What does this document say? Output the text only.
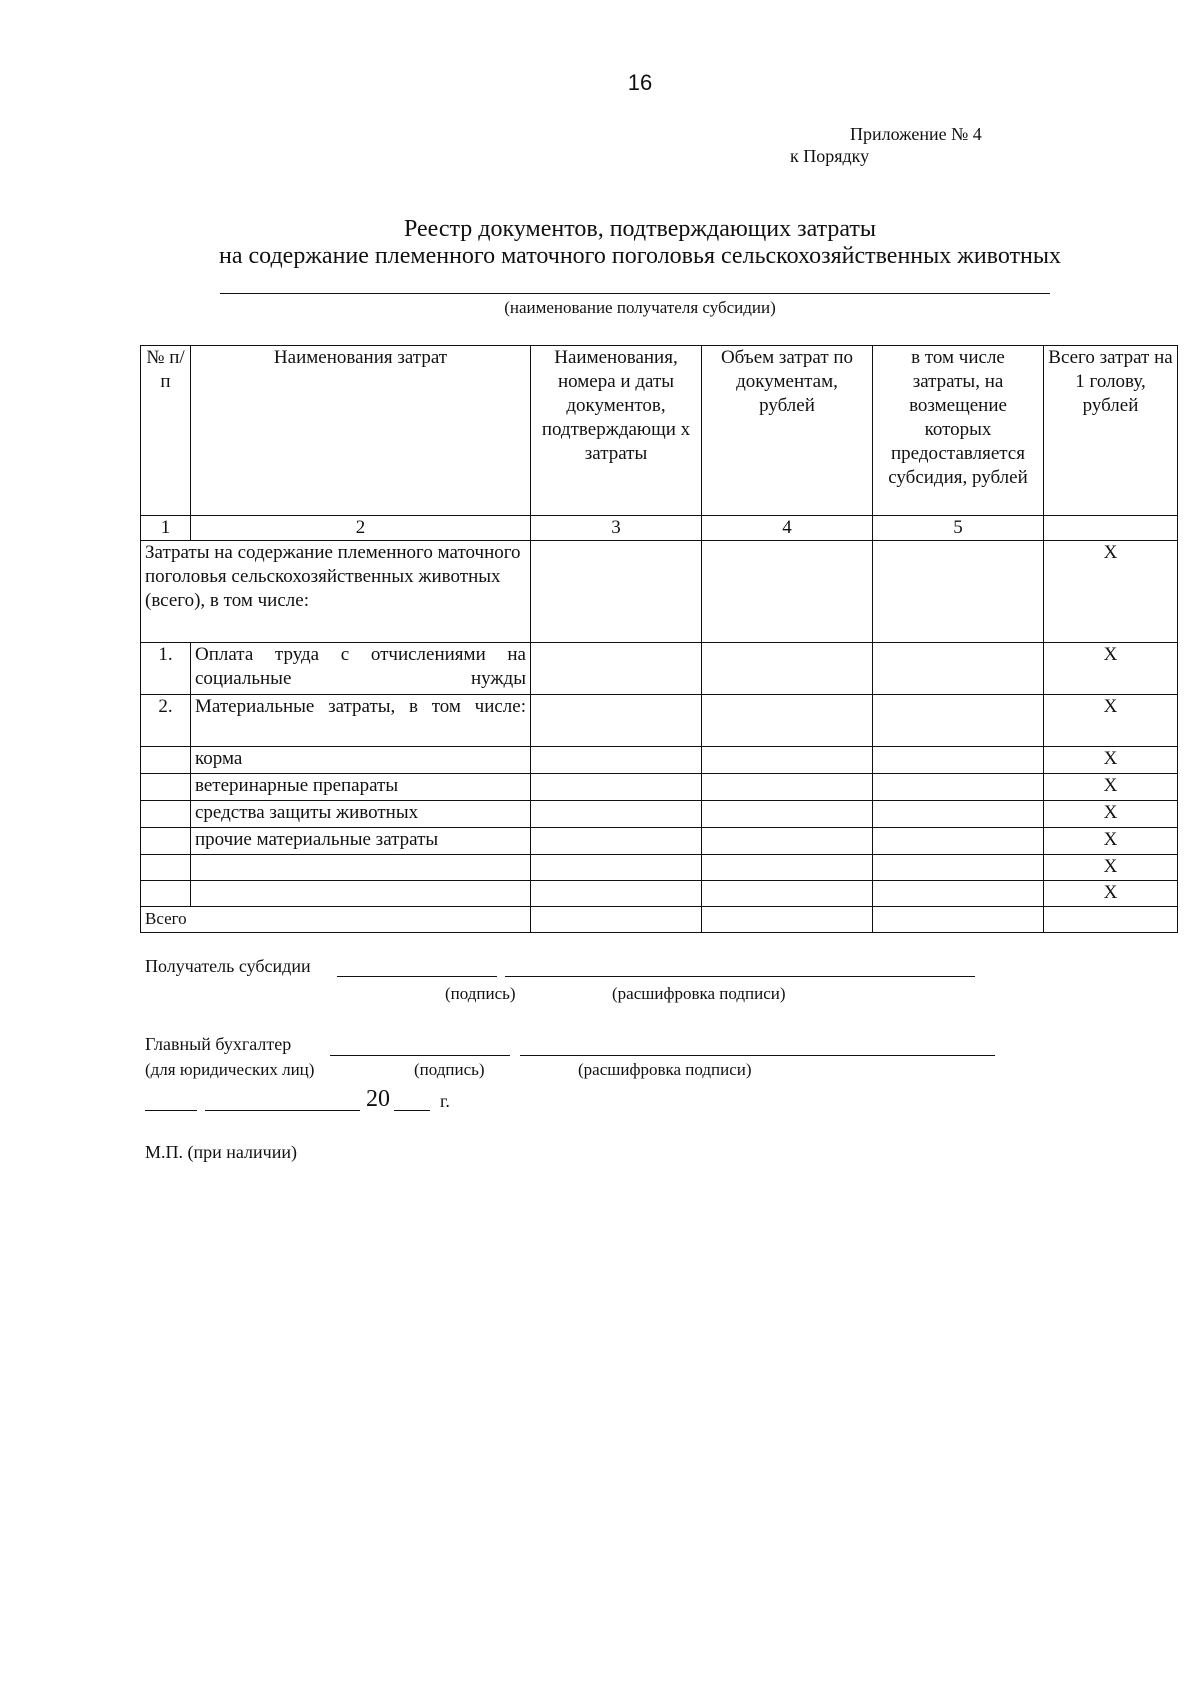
16
Приложение № 4
к Порядку
Реестр документов, подтверждающих затраты
на содержание племенного маточного поголовья сельскохозяйственных животных
(наименование получателя субсидии)
№ п/п	Наименования затрат	Наименования, номера и даты документов, подтверждающи х затраты	Объем затрат по документам, рублей	в том числе затраты, на возмещение которых предоставляется субсидия, рублей	Всего затрат на 1 голову, рублей
1	2	3	4	5	
Затраты на содержание племенного маточного поголовья сельскохозяйственных животных (всего), в том числе:					X
1.	Оплата труда с отчислениями на социальные нужды				X
2.	Материальные затраты, в том числе:				X
	корма				X
	ветеринарные препараты				X
	средства защиты животных				X
	прочие материальные затраты				X
					X
					X
Всего					
Получатель субсидии
(подпись)	(расшифровка подписи)
Главный бухгалтер
(для юридических лиц)	(подпись)	(расшифровка подписи)
20	г.
М.П. (при наличии)
